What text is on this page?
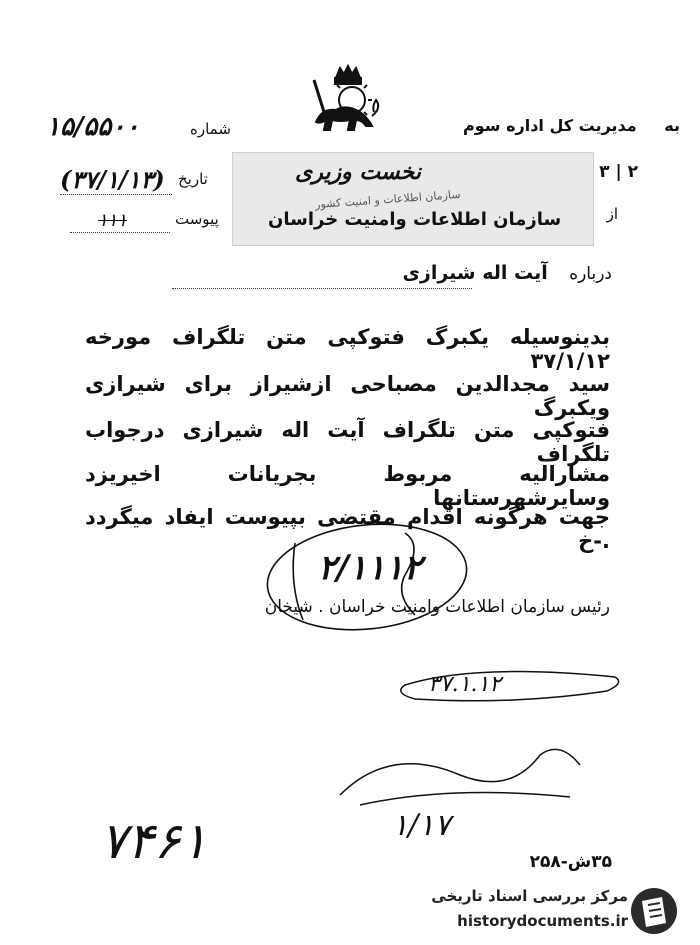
به مدیریت کل اداره سوم
۲ | ۳
از
نخست وزیری
سازمان اطلاعات و امنیت کشور
سازمان اطلاعات وامنیت خراسان
شماره
۱۵/۵۵۰۰
تاریخ
(۳۷/۱/۱۳)
پیوست
۱۱۱
درباره آیت اله شیرازی
بدینوسیله یکبرگ فتوکپی متن تلگراف مورخه ۳۷/۱/۱۲
سید مجدالدین مصباحی ازشیراز برای شیرازی ویکبرگ
فتوکپی متن تلگراف آیت اله شیرازی درجواب تلگراف
مشارالیه مربوط بجریانات اخیریزد وسایرشهرستانها
جهت هرگونه اقدام مقتضی بپیوست ایفاد میگردد .-خ
۲/۱۱۱۲
رئیس سازمان اطلاعات وامنیت خراسان . شیخان
۳۷.۱.۱۲
۱/۱۷
۷۴۶۱	۳۵ش-۲۵۸
مرکز بررسی اسناد تاریخی
historydocuments.ir
